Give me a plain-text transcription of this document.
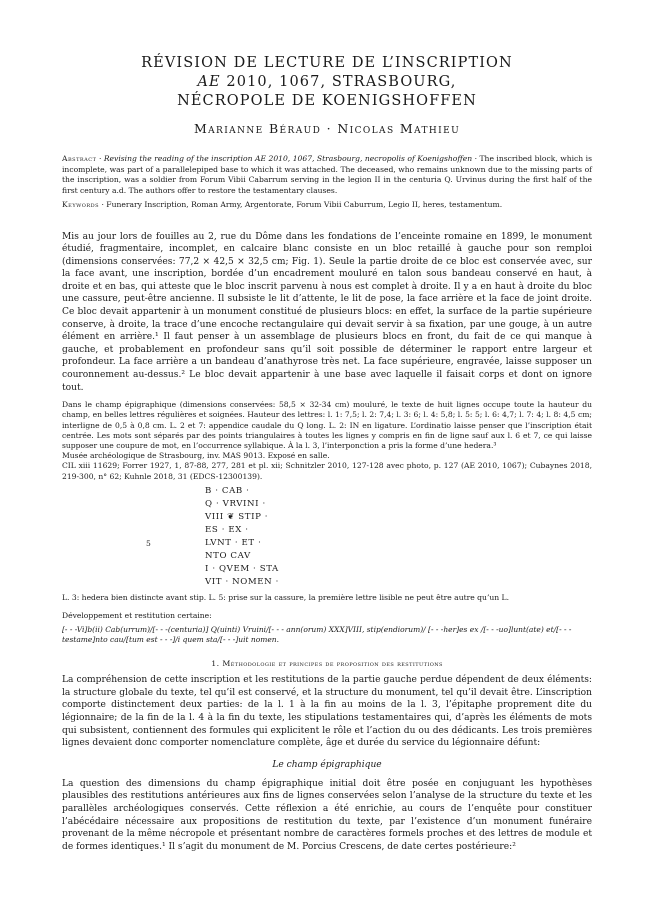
RÉVISION DE LECTURE DE L’INSCRIPTION
AE 2010, 1067, STRASBOURG,
NÉCROPOLE DE KOENIGSHOFFEN
Marianne Béraud · Nicolas Mathieu
Abstract · Revising the reading of the inscription AE 2010, 1067, Strasbourg, necropolis of Koenigshoffen · The inscribed block, which is incomplete, was part of a parallelepiped base to which it was attached. The deceased, who remains unknown due to the missing parts of the inscription, was a soldier from Forum Vibii Cabarrum serving in the legion II in the centuria Q. Urvinus during the first half of the first century a.d. The authors offer to restore the testamentary clauses.
Keywords · Funerary Inscription, Roman Army, Argentorate, Forum Vibii Caburrum, Legio II, heres, testamentum.

Mis au jour lors de fouilles au 2, rue du Dôme dans les fondations de l’enceinte romaine en 1899, le monument étudié, fragmentaire, incomplet, en calcaire blanc consiste en un bloc retaillé à gauche pour son remploi (dimensions conservées: 77,2 × 42,5 × 32,5 cm; Fig. 1). Seule la partie droite de ce bloc est conservée avec, sur la face avant, une inscription, bordée d’un encadrement mouluré en talon sous bandeau conservé en haut, à droite et en bas, qui atteste que le bloc inscrit parvenu à nous est complet à droite. Il y a en haut à droite du bloc une cassure, peut-être ancienne. Il subsiste le lit d’attente, le lit de pose, la face arrière et la face de joint droite. Ce bloc devait appartenir à un monument constitué de plusieurs blocs: en effet, la surface de la partie supérieure conserve, à droite, la trace d’une encoche rectangulaire qui devait servir à sa fixation, par une gouge, à un autre élément en arrière.¹ Il faut penser à un assemblage de plusieurs blocs en front, du fait de ce qui manque à gauche, et probablement en profondeur sans qu’il soit possible de déterminer le rapport entre largeur et profondeur. La face arrière a un bandeau d’anathyrose très net. La face supérieure, engravée, laisse supposer un couronnement au-dessus.² Le bloc devait appartenir à une base avec laquelle il faisait corps et dont on ignore tout.

Dans le champ épigraphique (dimensions conservées: 58,5 × 32-34 cm) mouluré, le texte de huit lignes occupe toute la hauteur du champ, en belles lettres régulières et soignées. Hauteur des lettres: l. 1: 7,5; l. 2: 7,4; l. 3: 6; l. 4: 5,8; l. 5: 5; l. 6: 4,7; l. 7: 4; l. 8: 4,5 cm; interligne de 0,5 à 0,8 cm. L. 2 et 7: appendice caudale du Q long. L. 2: IN en ligature. L’ordinatio laisse penser que l’inscription était centrée. Les mots sont séparés par des points triangulaires à toutes les lignes y compris en fin de ligne sauf aux l. 6 et 7, ce qui laisse supposer une coupure de mot, en l’occurrence syllabique. À la l. 3, l’interponction a pris la forme d’une hedera.³
Musée archéologique de Strasbourg, inv. MAS 9013. Exposé en salle.
CIL xiii 11629; Forrer 1927, 1, 87-88, 277, 281 et pl. xii; Schnitzler 2010, 127-128 avec photo, p. 127 (AE 2010, 1067); Cubaynes 2018, 219-300, n° 62; Kuhnle 2018, 31 (EDCS-12300139).
B · CAB ·
Q · VRVINI ·
VIII ❦ STIP ·
ES · EX ·
5	LVNT · ET ·
NTO CAV
I · QVEM · STA
VIT · NOMEN ·
L. 3: hedera bien distincte avant stip. L. 5: prise sur la cassure, la première lettre lisible ne peut être autre qu’un L.
Développement et restitution certaine:
[- - -Vi]b(ii) Cab(urrum)/[- - -(centuria)] Q(uinti) Vruini/[- - - ann(orum) XXX]VIII, stip(endiorum)/ [- - -her]es ex /[- - -uo]lunt(ate) et/[- - - testame]nto cau/[tum est - - -]/i quem sta/[- - -]uit nomen.
1. Méthodologie et principes de proposition des restitutions

La compréhension de cette inscription et les restitutions de la partie gauche perdue dépendent de deux éléments: la structure globale du texte, tel qu’il est conservé, et la structure du monument, tel qu’il devait être. L’inscription comporte distinctement deux parties: de la l. 1 à la fin au moins de la l. 3, l’épitaphe proprement dite du légionnaire; de la fin de la l. 4 à la fin du texte, les stipulations testamentaires qui, d’après les éléments de mots qui subsistent, contiennent des formules qui explicitent le rôle et l’action du ou des dédicants. Les trois premières lignes devaient donc comporter nomenclature complète, âge et durée du service du légionnaire défunt:

Le champ épigraphique

La question des dimensions du champ épigraphique initial doit être posée en conjuguant les hypothèses plausibles des restitutions antérieures aux fins de lignes conservées selon l’analyse de la structure du texte et les parallèles archéologiques conservés. Cette réflexion a été enrichie, au cours de l’enquête pour constituer l’abécédaire nécessaire aux propositions de restitution du texte, par l’existence d’un monument funéraire provenant de la même nécropole et présentant nombre de caractères formels proches et des lettres de module et de formes identiques.¹ Il s’agit du monument de M. Porcius Crescens, de date certes postérieure:²
